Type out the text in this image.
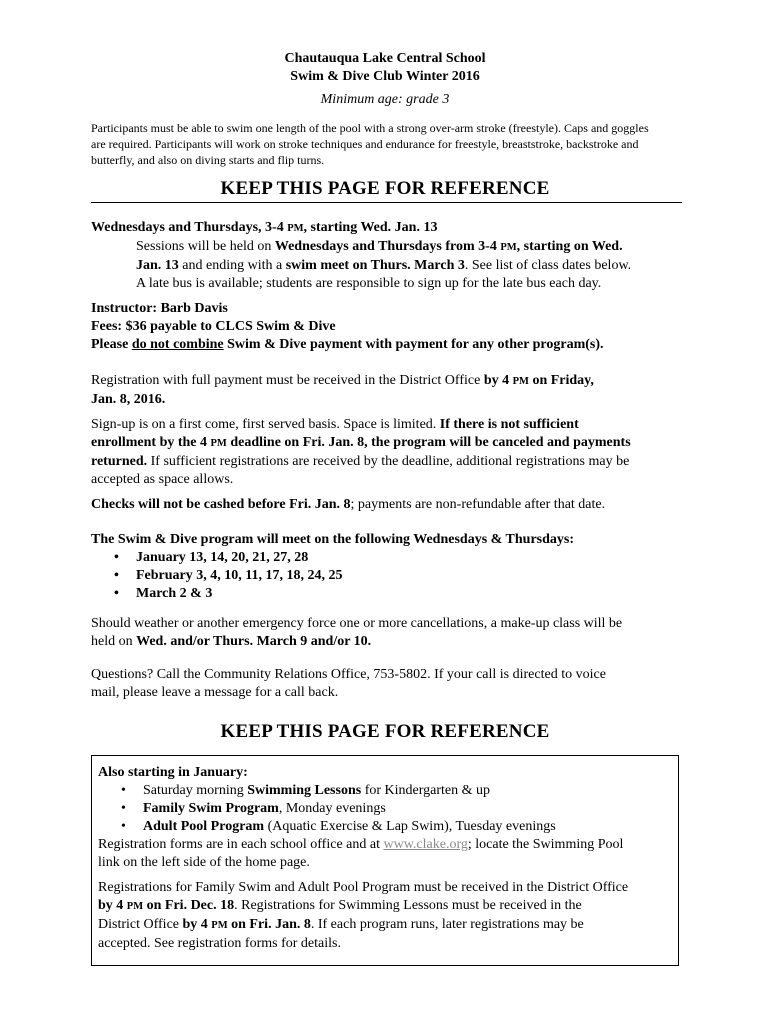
Chautauqua Lake Central School
Swim & Dive Club Winter 2016
Minimum age: grade 3
Participants must be able to swim one length of the pool with a strong over-arm stroke (freestyle). Caps and goggles
are required. Participants will work on stroke techniques and endurance for freestyle, breaststroke, backstroke and
butterfly, and also on diving starts and flip turns.
KEEP THIS PAGE FOR REFERENCE
Wednesdays and Thursdays, 3-4 PM, starting Wed. Jan. 13
Sessions will be held on Wednesdays and Thursdays from 3-4 PM, starting on Wed.
Jan. 13 and ending with a swim meet on Thurs. March 3. See list of class dates below.
A late bus is available; students are responsible to sign up for the late bus each day.
Instructor: Barb Davis
Fees: $36 payable to CLCS Swim & Dive
Please do not combine Swim & Dive payment with payment for any other program(s).
Registration with full payment must be received in the District Office by 4 PM on Friday,
Jan. 8, 2016.
Sign-up is on a first come, first served basis. Space is limited. If there is not sufficient
enrollment by the 4 PM deadline on Fri. Jan. 8, the program will be canceled and payments
returned. If sufficient registrations are received by the deadline, additional registrations may be
accepted as space allows.
Checks will not be cashed before Fri. Jan. 8; payments are non-refundable after that date.
The Swim & Dive program will meet on the following Wednesdays & Thursdays:
• January 13, 14, 20, 21, 27, 28
• February 3, 4, 10, 11, 17, 18, 24, 25
• March 2 & 3
Should weather or another emergency force one or more cancellations, a make-up class will be
held on Wed. and/or Thurs. March 9 and/or 10.
Questions? Call the Community Relations Office, 753-5802. If your call is directed to voice
mail, please leave a message for a call back.
KEEP THIS PAGE FOR REFERENCE
Also starting in January:
• Saturday morning Swimming Lessons for Kindergarten & up
• Family Swim Program, Monday evenings
• Adult Pool Program (Aquatic Exercise & Lap Swim), Tuesday evenings
Registration forms are in each school office and at www.clake.org; locate the Swimming Pool
link on the left side of the home page.
Registrations for Family Swim and Adult Pool Program must be received in the District Office
by 4 PM on Fri. Dec. 18. Registrations for Swimming Lessons must be received in the
District Office by 4 PM on Fri. Jan. 8. If each program runs, later registrations may be
accepted. See registration forms for details.
